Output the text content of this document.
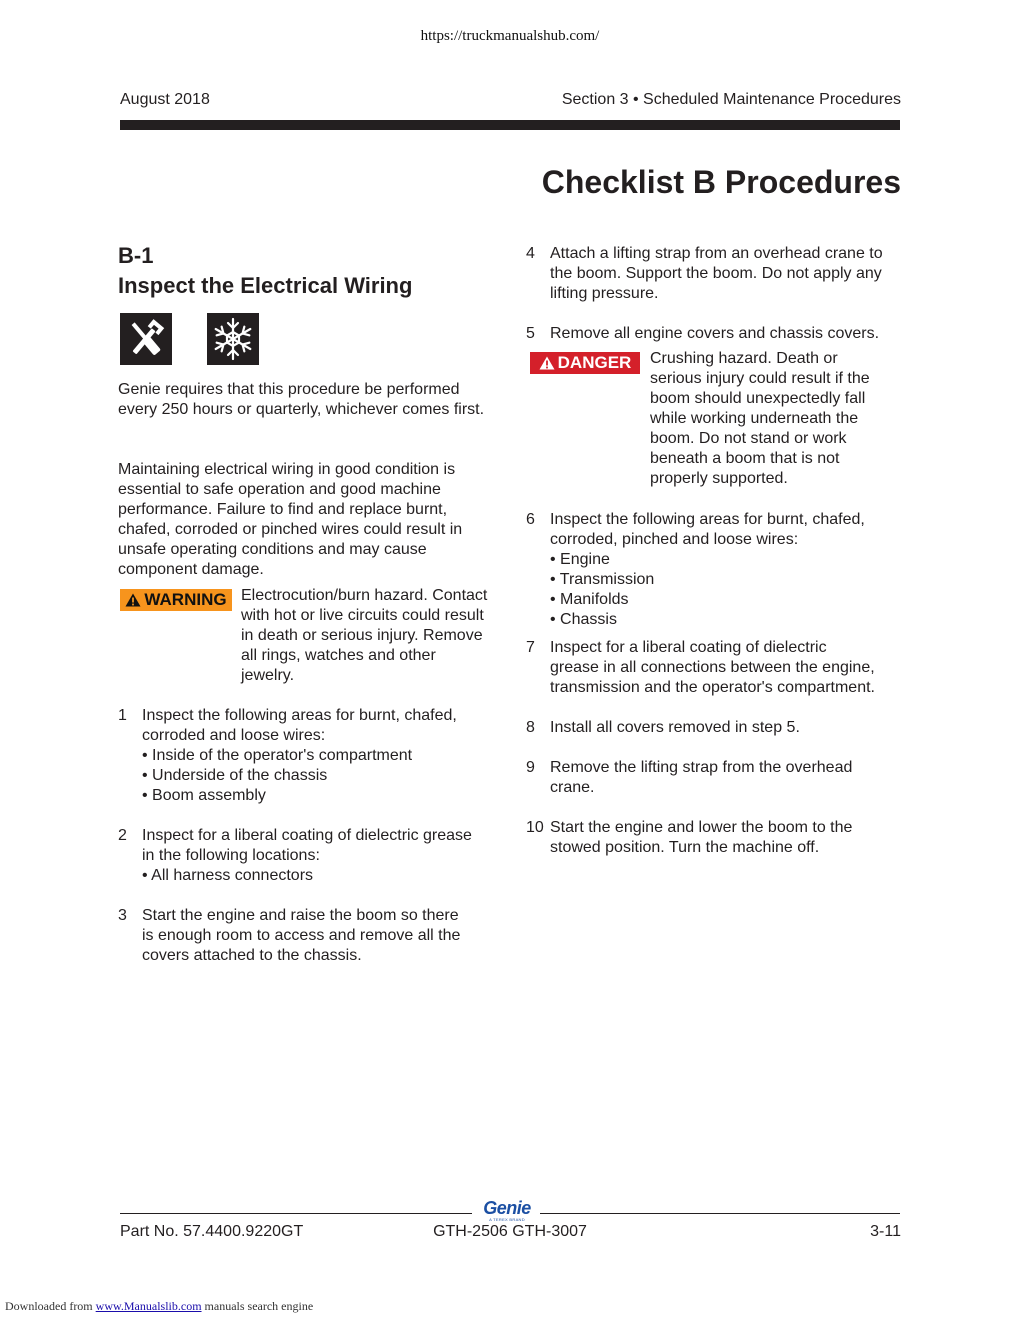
https://truckmanualshub.com/
August 2018	Section 3 • Scheduled Maintenance Procedures
Checklist B Procedures
B-1
Inspect the Electrical Wiring
Genie requires that this procedure be performed every 250 hours or quarterly, whichever comes first.
Maintaining electrical wiring in good condition is essential to safe operation and good machine performance. Failure to find and replace burnt, chafed, corroded or pinched wires could result in unsafe operating conditions and may cause component damage.
WARNING Electrocution/burn hazard. Contact with hot or live circuits could result in death or serious injury. Remove all rings, watches and other jewelry.
DANGER Crushing hazard. Death or serious injury could result if the boom should unexpectedly fall while working underneath the boom. Do not stand or work beneath a boom that is not properly supported.
1 Inspect the following areas for burnt, chafed,
corroded and loose wires:
• Inside of the operator's compartment
• Underside of the chassis
• Boom assembly
2 Inspect for a liberal coating of dielectric grease
in the following locations:
• All harness connectors
3 Start the engine and raise the boom so there
is enough room to access and remove all the
covers attached to the chassis.
4 Attach a lifting strap from an overhead crane to
the boom. Support the boom. Do not apply any
lifting pressure.
5 Remove all engine covers and chassis covers.
6 Inspect the following areas for burnt, chafed,
corroded, pinched and loose wires:
• Engine
• Transmission
• Manifolds
• Chassis
7 Inspect for a liberal coating of dielectric
grease in all connections between the engine,
transmission and the operator's compartment.
8 Install all covers removed in step 5.
9 Remove the lifting strap from the overhead
crane.
10 Start the engine and lower the boom to the
stowed position. Turn the machine off.
Genie
A TEREX BRAND
Part No. 57.4400.9220GT	GTH-2506 GTH-3007	3-11
Downloaded from www.Manualslib.com manuals search engine
